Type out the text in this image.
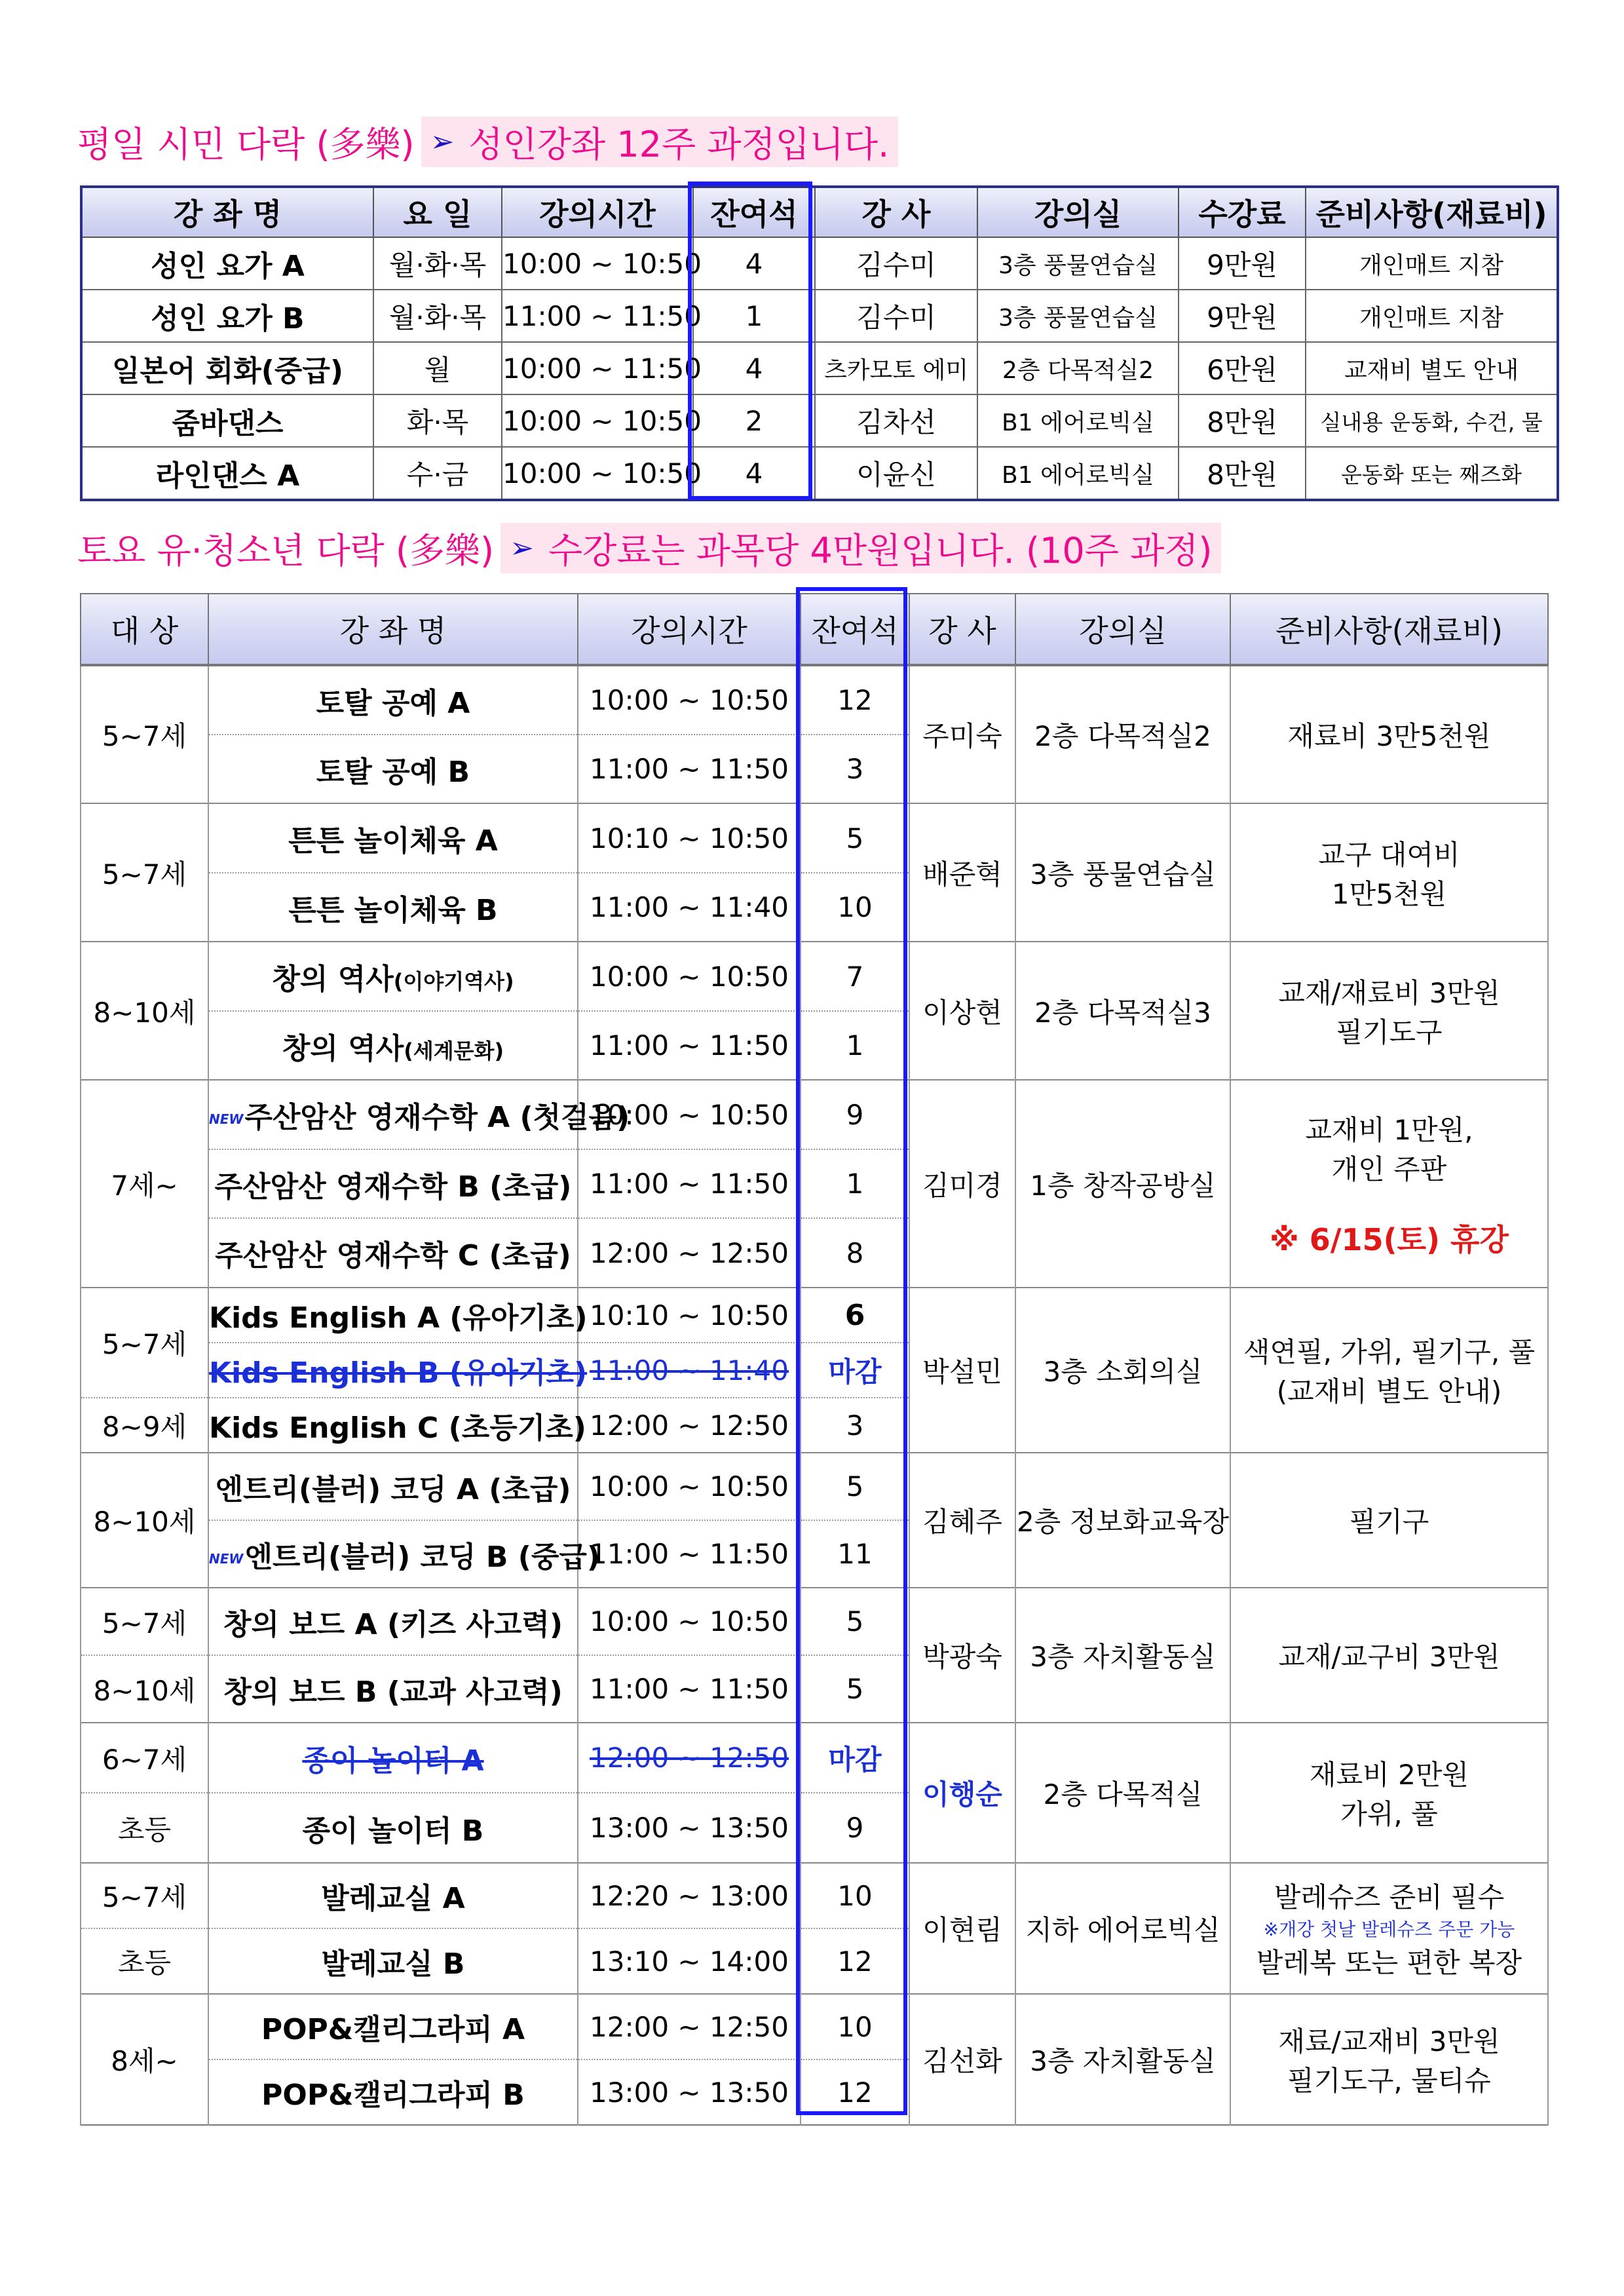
평일 시민 다락 (多樂) ➢ 성인강좌 12주 과정입니다.
강 좌 명	요 일	강의시간	잔여석	강 사	강의실	수강료	준비사항(재료비)
성인 요가 A	월·화·목	10:00 ~ 10:50	4	김수미	3층 풍물연습실	9만원	개인매트 지참
성인 요가 B	월·화·목	11:00 ~ 11:50	1	김수미	3층 풍물연습실	9만원	개인매트 지참
일본어 회화(중급)	월	10:00 ~ 11:50	4	츠카모토 에미	2층 다목적실2	6만원	교재비 별도 안내
줌바댄스	화·목	10:00 ~ 10:50	2	김차선	B1 에어로빅실	8만원	실내용 운동화, 수건, 물
라인댄스 A	수·금	10:00 ~ 10:50	4	이윤신	B1 에어로빅실	8만원	운동화 또는 째즈화
토요 유·청소년 다락 (多樂) ➢ 수강료는 과목당 4만원입니다. (10주 과정)
대 상	강 좌 명	강의시간	잔여석	강 사	강의실	준비사항(재료비)
5~7세	토탈 공예 A	10:00 ~ 10:50	12	주미숙	2층 다목적실2	재료비 3만5천원

	토탈 공예 B	11:00 ~ 11:50	3			
5~7세	튼튼 놀이체육 A	10:10 ~ 10:50	5	배준혁	3층 풍물연습실	교구 대여비
1만5천원

	튼튼 놀이체육 B	11:00 ~ 11:40	10			
8~10세	창의 역사(이야기역사)	10:00 ~ 10:50	7	이상현	2층 다목적실3	교재/재료비 3만원
필기도구

	창의 역사(세계문화)	11:00 ~ 11:50	1			
7세~	NEW주산암산 영재수학 A (첫걸음)	10:00 ~ 10:50	9	김미경	1층 창작공방실	교재비 1만원,
개인 주판
※ 6/15(토) 휴강

	주산암산 영재수학 B (초급)	11:00 ~ 11:50	1			
	주산암산 영재수학 C (초급)	12:00 ~ 12:50	8			
5~7세	Kids English A (유아기초)	10:10 ~ 10:50	6	박설민	3층 소회의실	색연필, 가위, 필기구, 풀
(교재비 별도 안내)

	Kids English B (유아기초)	11:00 ~ 11:40	마감			
8~9세	Kids English C (초등기초)	12:00 ~ 12:50	3			
8~10세	엔트리(블러) 코딩 A (초급)	10:00 ~ 10:50	5	김혜주	2층 정보화교육장	필기구

	NEW엔트리(블러) 코딩 B (중급)	11:00 ~ 11:50	11			
5~7세	창의 보드 A (키즈 사고력)	10:00 ~ 10:50	5	박광숙	3층 자치활동실	교재/교구비 3만원

8~10세	창의 보드 B (교과 사고력)	11:00 ~ 11:50	5			
6~7세	종이 놀이터 A	12:00 ~ 12:50	마감	이행순	2층 다목적실	재료비 2만원
가위, 풀

초등	종이 놀이터 B	13:00 ~ 13:50	9			
5~7세	발레교실 A	12:20 ~ 13:00	10	이현림	지하 에어로빅실	발레슈즈 준비 필수
※개강 첫날 발레슈즈 주문 가능
발레복 또는 편한 복장

초등	발레교실 B	13:10 ~ 14:00	12			
8세~	POP&캘리그라피 A	12:00 ~ 12:50	10	김선화	3층 자치활동실	재료/교재비 3만원
필기도구, 물티슈

	POP&캘리그라피 B	13:00 ~ 13:50	12			
